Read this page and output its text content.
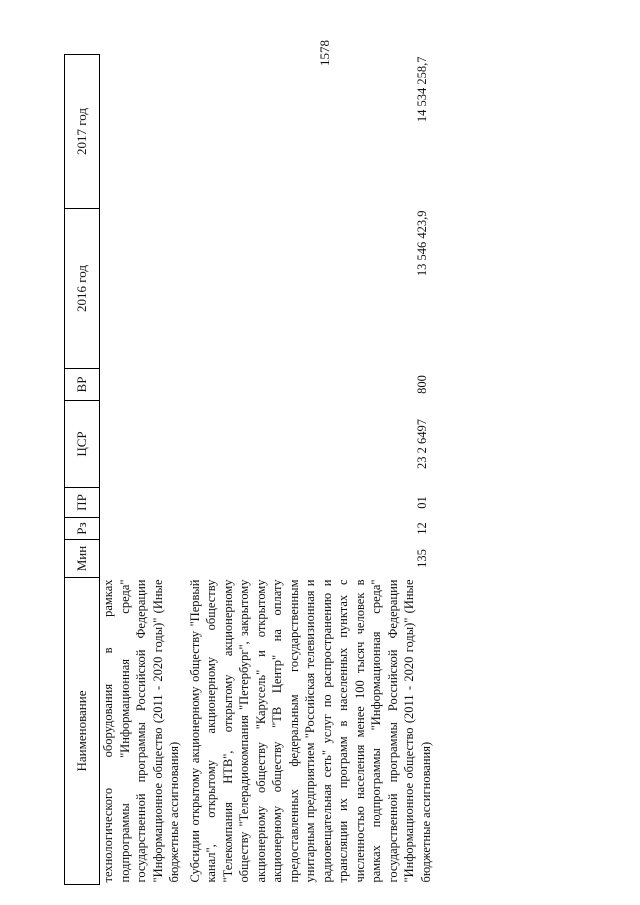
1578
Наименование	Мин	Рз	ПР	ЦСР	ВР	2016 год	2017 год
технологического оборудования в рамках подпрограммы "Информационная среда" государственной программы Российской Федерации "Информационное общество (2011 - 2020 годы)" (Иные бюджетные ассигнования)							
Субсидии открытому акционерному обществу "Первый канал", открытому акционерному обществу "Телекомпания НТВ", открытому акционерному обществу "Телерадиокомпания "Петербург", закрытому акционерному обществу "Карусель" и открытому акционерному обществу "ТВ Центр" на оплату предоставленных федеральным государственным унитарным предприятием "Российская телевизионная и радиовещательная сеть" услуг по распространению и трансляции их программ в населенных пунктах с численностью населения менее 100 тысяч человек в рамках подпрограммы "Информационная среда" государственной программы Российской Федерации "Информационное общество (2011 - 2020 годы)" (Иные бюджетные ассигнования)	135	12	01	23 2 6497	800	13 546 423,9	14 534 258,7
